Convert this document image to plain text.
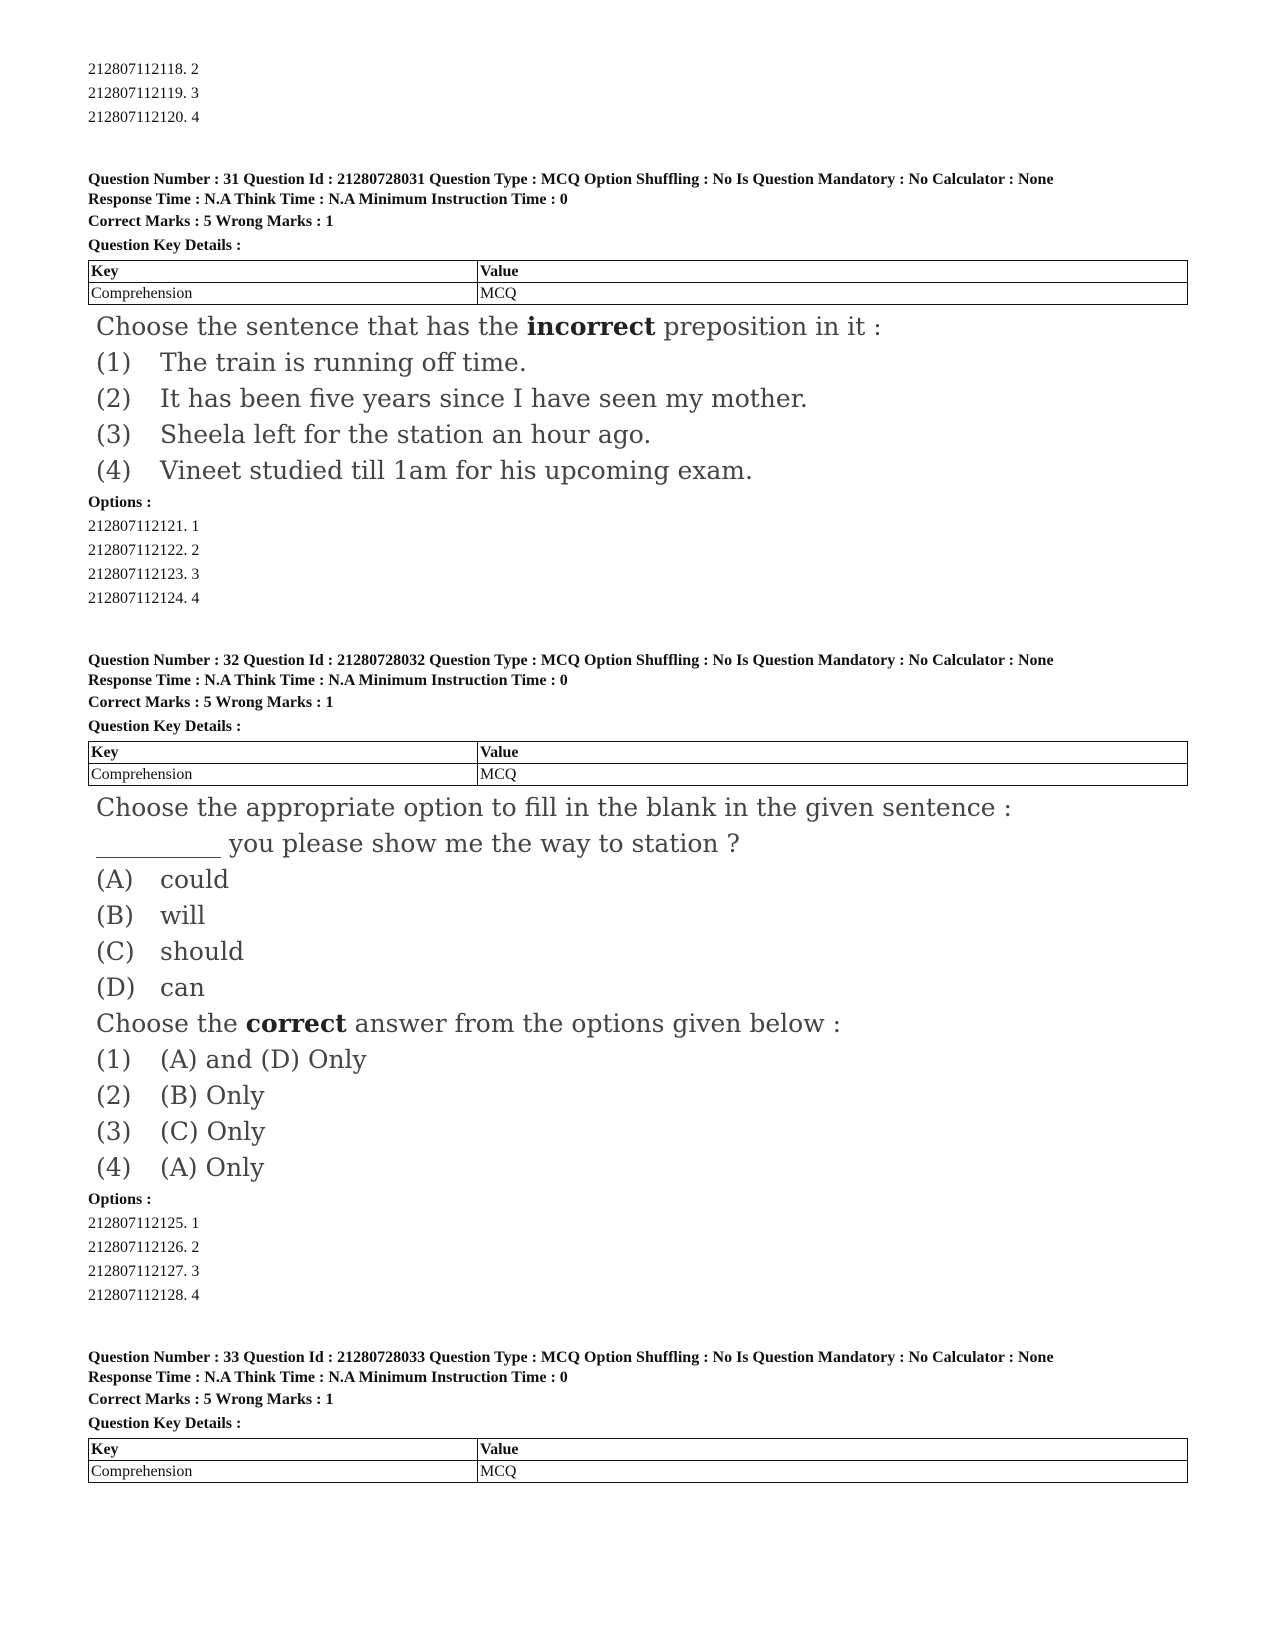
212807112118. 2

212807112119. 3

212807112120. 4

Question Number : 31 Question Id : 21280728031 Question Type : MCQ Option Shuffling : No Is Question Mandatory : No Calculator : None

Response Time : N.A Think Time : N.A Minimum Instruction Time : 0

Correct Marks : 5 Wrong Marks : 1

Question Key Details :

Key	Value
Comprehension	MCQ
Choose the sentence that has the incorrect preposition in it :
(1)	The train is running off time.
(2)	It has been five years since I have seen my mother.
(3)	Sheela left for the station an hour ago.
(4)	Vineet studied till 1am for his upcoming exam.

Options :

212807112121. 1

212807112122. 2

212807112123. 3

212807112124. 4

Question Number : 32 Question Id : 21280728032 Question Type : MCQ Option Shuffling : No Is Question Mandatory : No Calculator : None

Response Time : N.A Think Time : N.A Minimum Instruction Time : 0

Correct Marks : 5 Wrong Marks : 1

Question Key Details :

Key	Value
Comprehension	MCQ
Choose the appropriate option to fill in the blank in the given sentence :
__________ you please show me the way to station ?
(A)	could
(B)	will
(C)	should
(D) can
Choose the correct answer from the options given below :
(1)	(A) and (D) Only
(2)	(B) Only
(3)	(C) Only
(4)	(A) Only

Options :

212807112125. 1

212807112126. 2

212807112127. 3

212807112128. 4

Question Number : 33 Question Id : 21280728033 Question Type : MCQ Option Shuffling : No Is Question Mandatory : No Calculator : None

Response Time : N.A Think Time : N.A Minimum Instruction Time : 0

Correct Marks : 5 Wrong Marks : 1

Question Key Details :

Key	Value
Comprehension	MCQ
